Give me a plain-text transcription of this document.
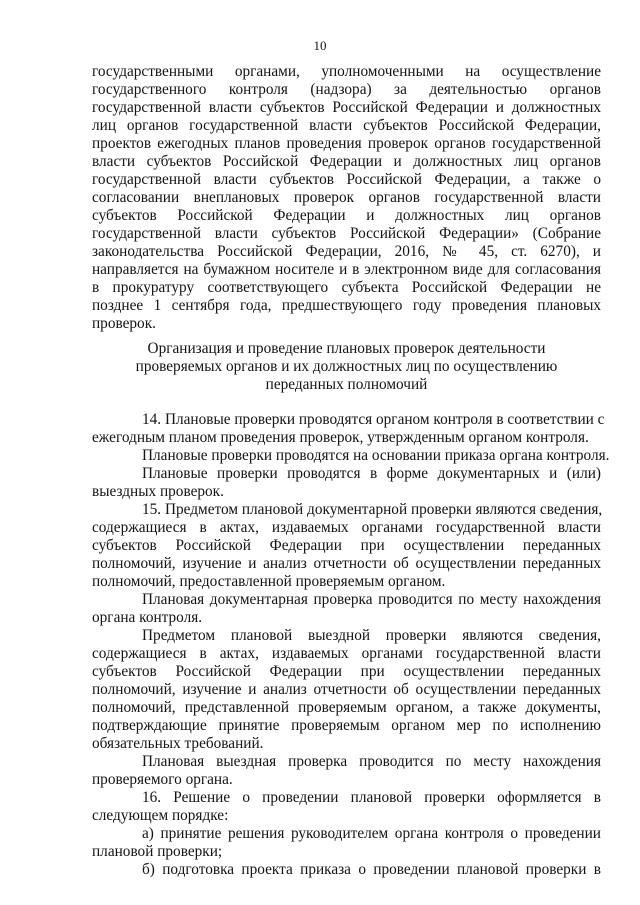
10
государственными органами, уполномоченными на осуществление
государственного контроля (надзора) за деятельностью органов
государственной власти субъектов Российской Федерации и должностных
лиц органов государственной власти субъектов Российской Федерации,
проектов ежегодных планов проведения проверок органов государственной
власти субъектов Российской Федерации и должностных лиц органов
государственной власти субъектов Российской Федерации, а также о
согласовании внеплановых проверок органов государственной власти
субъектов Российской Федерации и должностных лиц органов
государственной власти субъектов Российской Федерации» (Собрание
законодательства Российской Федерации, 2016, № 45, ст. 6270), и
направляется на бумажном носителе и в электронном виде для согласования
в прокуратуру соответствующего субъекта Российской Федерации не
позднее 1 сентября года, предшествующего году проведения плановых
проверок.
Организация и проведение плановых проверок деятельности
проверяемых органов и их должностных лиц по осуществлению
переданных полномочий
14. Плановые проверки проводятся органом контроля в соответствии с
ежегодным планом проведения проверок, утвержденным органом контроля.
Плановые проверки проводятся на основании приказа органа контроля.
Плановые проверки проводятся в форме документарных и (или)
выездных проверок.
15. Предметом плановой документарной проверки являются сведения,
содержащиеся в актах, издаваемых органами государственной власти
субъектов Российской Федерации при осуществлении переданных
полномочий, изучение и анализ отчетности об осуществлении переданных
полномочий, предоставленной проверяемым органом.
Плановая документарная проверка проводится по месту нахождения
органа контроля.
Предметом плановой выездной проверки являются сведения,
содержащиеся в актах, издаваемых органами государственной власти
субъектов Российской Федерации при осуществлении переданных
полномочий, изучение и анализ отчетности об осуществлении переданных
полномочий, представленной проверяемым органом, а также документы,
подтверждающие принятие проверяемым органом мер по исполнению
обязательных требований.
Плановая выездная проверка проводится по месту нахождения
проверяемого органа.
16. Решение о проведении плановой проверки оформляется в
следующем порядке:
а) принятие решения руководителем органа контроля о проведении
плановой проверки;
б) подготовка проекта приказа о проведении плановой проверки в
